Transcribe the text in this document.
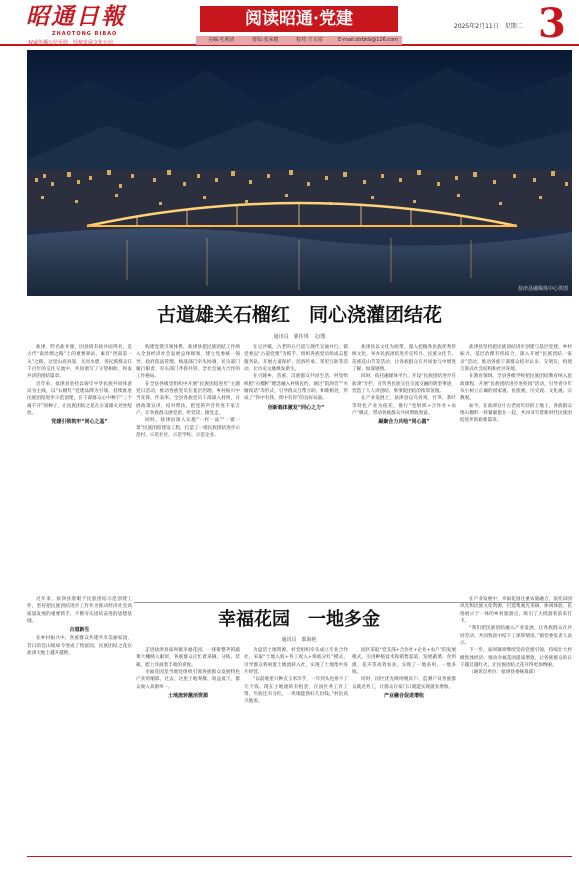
昭通日報
ZHAOTONG RIBAO
权威传播公信至简　厚植发展文化公信
阅读昭通·党建
美编:毛利清	排版:张荣健	校对:王文富	E-mail:ztrbkb@126.com
2025年2月11日　星期二 3
盐津县融媒体中心供图
古道雄关石榴红　同心浇灌团结花
通讯员　郭佳琪　文/图

盐津，昨名盐井渡，因县境有盐井而得名，是古代“南丝绸之路”上的重要驿站，素有“西南第一关”之称。这里山高谷深，关河水碧，各民族群众在千百年的交往交流中，共同谱写了守望相助、和衷共济的团结篇章。

近年来，盐津县坚持以铸牢中华民族共同体意识为主线，以“石榴红”党建品牌为引领，持续推进民族团结进步示范创建，在干部群众心中种下“三个离不开”的种子，让民族团结之花在古道雄关处处绽放。

党建引领筑牢“同心之基”

构建党建引领体系，盐津县把民族团结工作纳入全县经济社会发展总体规划，建立党委统一领导、政府依法管理、统战部门牵头协调、民宗部门履行职责、有关部门齐抓共管、全社会通力合作的工作格局。

在全县各级党组织中开展“民族团结进步”主题党日活动，推动各族党员在基层治理、乡村振兴中当先锋、作表率。全县各族党员干部深入村组，开展政策宣讲、结对帮扶，把党的声音传进千家万户，让各族群众感党恩、听党话、跟党走。

同时，盐津县深入实施“一村一品”“一寨一景”民族团结建设工程，打造了一批民族团结进步示范村、示范社区、示范学校、示范企业。

在豆沙镇，古老的五尺道与现代交通并行，镇党委以“古道党建”为抓手，组织各族党员组成志愿服务队，开展古道保护、民俗传承、邻里互助等活动，让历史文脉焕发新生。

在兴隆乡，苗族、汉族群众共同生活，村党组织把“石榴籽”理念融入村规民约，通过“院坝会”“火塘夜话”等形式，引导群众互帮互助、和睦相处，形成了“你中有我、我中有你”的良好局面。

创新载体激发“同心之力”

盐津县以文化为纽带，深入挖掘各民族优秀传统文化，举办民族团结进步宣传月、民族文化节、苗族花山节等活动，让各族群众在共同参与中增进了解、加深感情。

同时，依托融媒体平台，开设“民族团结进步在盐津”专栏，宣传各民族交往交流交融的典型事迹，营造了人人讲团结、事事促团结的浓厚氛围。

在产业发展上，盐津县以乌骨鸡、竹笋、茶叶等特色产业为依托，推行“党组织+合作社+农户”模式，带动各族群众共同增收致富。

凝聚合力共绘“同心圆”

盐津县坚持把民族团结进步创建与基层党建、乡村振兴、基层治理有机结合，深入开展“民族团结一家亲”活动，推动各族干部群众结对认亲、交朋友，构建互嵌式社会结构和社区环境。

在教育领域，全县各级学校把民族团结教育纳入思政课程，开展“民族团结进步进校园”活动，引导青少年从小树立正确的国家观、民族观、历史观、文化观、宗教观。

如今，在盐津这片古老而年轻的土地上，各族群众像石榴籽一样紧紧抱在一起，共同书写着新时代民族团结进步的崭新篇章。

近年来，盐津县着眼于民族团结示范创建工作，坚持把民族团结进步工作作为推动经济社会高质量发展的重要抓手，不断夯实团结奋进的思想基础。

古道新生

在乡村振兴中，各族群众共建共享美丽家园，昔日的荒山坡如今变成了致富园，民族团结之花在盐津大地上越开越艳。

幸福花园　一地多金
通讯员　邬海艳

走进盐津县庙坝镇幸福花园，一排排整齐的蔬菜大棚映入眼帘，各族群众正忙着采摘、分拣、装箱，脸上洋溢着丰收的喜悦。

幸福花园是当地党组织引领各族群众发展特色产业的缩影。过去，这里土地零散、效益低下，群众收入来源单一。

土地流转激活资源

为盘活土地资源，村党组织牵头成立专业合作社，采取“土地入股+务工收入+保底分红”模式，引导群众将闲置土地流转入社，实现了土地集中连片经营。

“以前地里只种点玉米洋芋，一年到头也挣不了几个钱。现在土地流转有租金，在园区务工有工资，年底还有分红，一块地能挣好几份钱。”村民高兴地说。

园区采取“党支部+合作社+企业+农户”的发展模式，引进种植技术和销售渠道，发展蔬菜、食用菌、花卉等高效农业，实现了一地多用、一地多收。

同时，园区优先吸纳脱贫户、监测户及各族群众就近务工，让群众在家门口就能实现就业增收。

产业融合促进增收

在产业发展中，幸福花园注重农旅融合，依托田园风光和民族文化资源，打造集观光采摘、休闲体验、民俗展示于一体的乡村旅游点，吸引了大批游客前来打卡。

“我们把民族团结融入产业发展，让各族群众在共同劳动、共同致富中结下了深厚情谊。”镇党委负责人表示。

下一步，庙坝镇将继续坚持党建引领，持续壮大村级集体经济，推动幸福花园提质增效，让各族群众的日子越过越红火，让民族团结之花开得更加绚丽。

（通讯员单位：盐津县委统战部）
